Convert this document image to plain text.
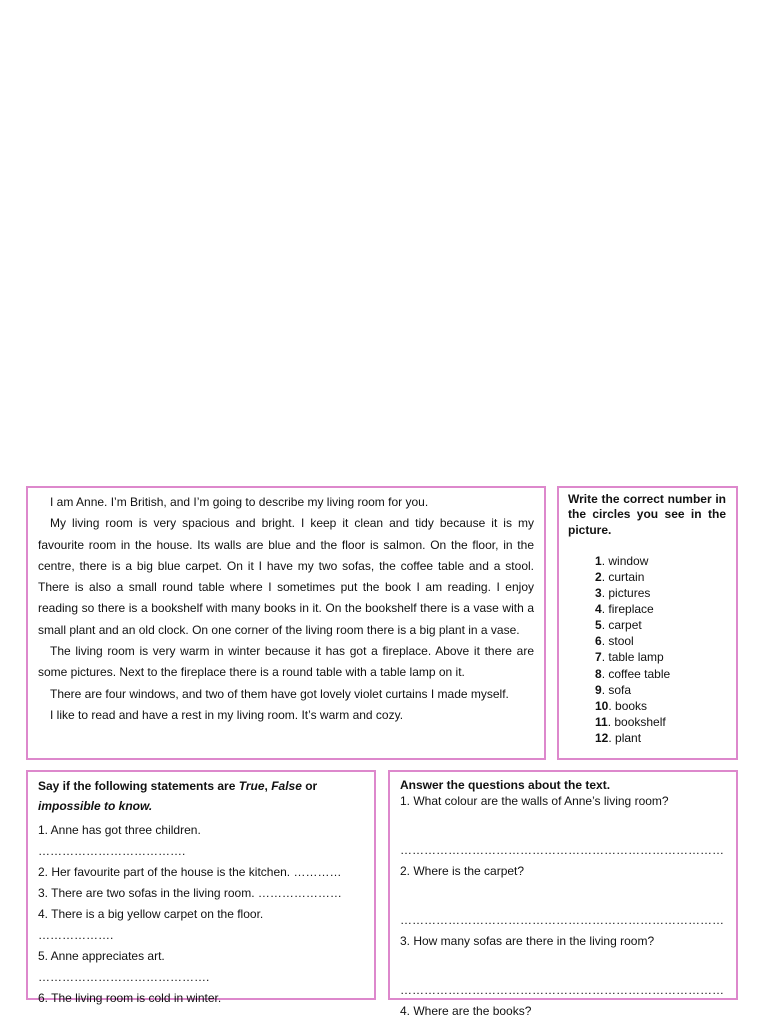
I am Anne. I’m British, and I’m going to describe my living room for you.

My living room is very spacious and bright. I keep it clean and tidy because it is my favourite room in the house. Its walls are blue and the floor is salmon. On the floor, in the centre, there is a big blue carpet. On it I have my two sofas, the coffee table and a stool. There is also a small round table where I sometimes put the book I am reading. I enjoy reading so there is a bookshelf with many books in it. On the bookshelf there is a vase with a small plant and an old clock. On one corner of the living room there is a big plant in a vase.

The living room is very warm in winter because it has got a fireplace. Above it there are some pictures. Next to the fireplace there is a round table with a table lamp on it.

There are four windows, and two of them have got lovely violet curtains I made myself.

I like to read and have a rest in my living room. It’s warm and cozy.

Write the correct number in the circles you see in the picture.

1. window
2. curtain
3. pictures
4. fireplace
5. carpet
6. stool
7. table lamp
8. coffee table
9. sofa
10. books
11. bookshelf
12. plant

Say if the following statements are True, False or impossible to know.

1. Anne has got three children.

……………………………….

2. Her favourite part of the house is the kitchen. …………

3. There are two sofas in the living room. …………………

4. There is a big yellow carpet on the floor.

……………….

5. Anne appreciates art.

…………………………………….

6. The living room is cold in winter.

Answer the questions about the text.

1. What colour are the walls of Anne’s living room?

………………………………………………………………………

2. Where is the carpet?

………………………………………………………………………

3. How many sofas are there in the living room?

………………………………………………………………………

4. Where are the books?
